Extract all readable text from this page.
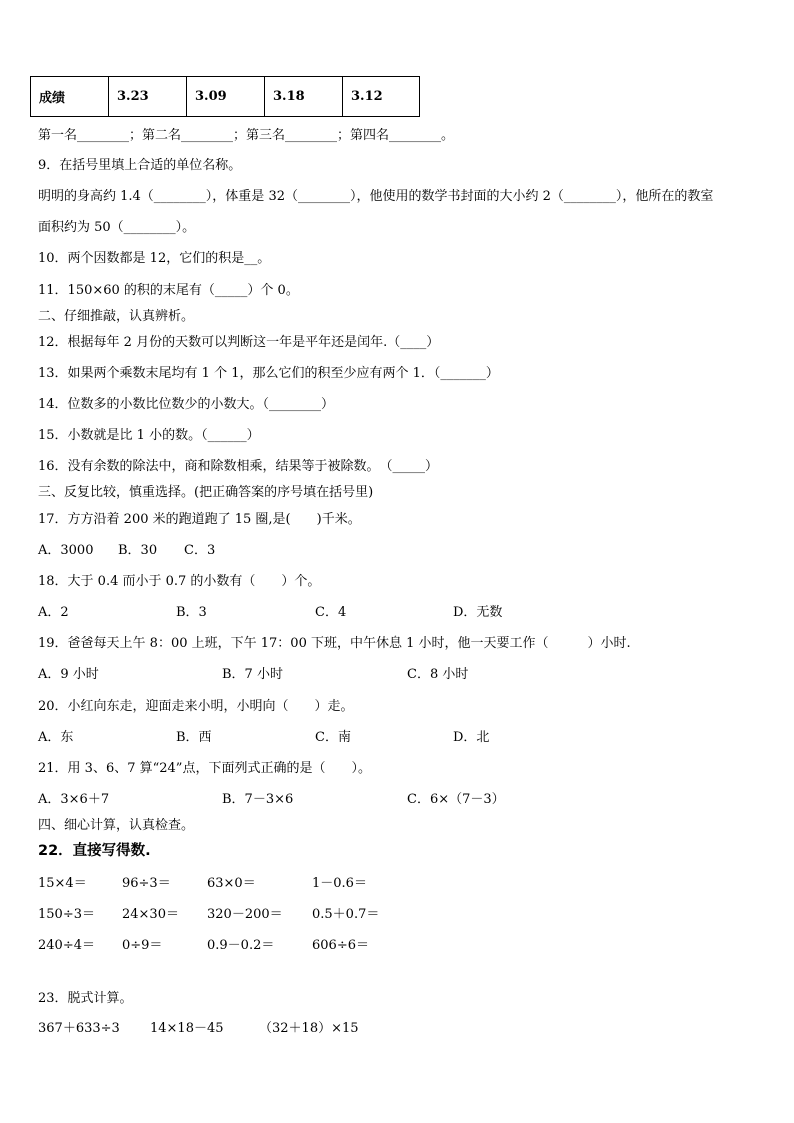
成绩	3.23	3.09	3.18	3.12
第一名________；第二名________；第三名________；第四名________。
9．在括号里填上合适的单位名称。
明明的身高约 1.4（________），体重是 32（________），他使用的数学书封面的大小约 2（________），他所在的教室
面积约为 50（________）。
10．两个因数都是 12，它们的积是__。
11．150×60 的积的末尾有（_____）个 0。
二、仔细推敲，认真辨析。
12．根据每年 2 月份的天数可以判断这一年是平年还是闰年.（____）
13．如果两个乘数末尾均有 1 个 1，那么它们的积至少应有两个 1．（_______）
14．位数多的小数比位数少的小数大。（________）
15．小数就是比 1 小的数。（______）
16．没有余数的除法中，商和除数相乘，结果等于被除数。　（_____）
三、反复比较，慎重选择。(把正确答案的序号填在括号里)
17．方方沿着 200 米的跑道跑了 15 圈,是(　　)千米。
A．3000 B．30 C．3
18．大于 0.4 而小于 0.7 的小数有（　　）个。
A．2	B．3	C．4	D．无数
19．爸爸每天上午 8：00 上班，下午 17：00 下班，中午休息 1 小时，他一天要工作（　　　）小时.
A．9 小时	B．7 小时	C．8 小时
20．小红向东走，迎面走来小明，小明向（　　）走。
A．东	B．西	C．南	D．北
21．用 3、6、7 算“24”点，下面列式正确的是（　　）。
A．3×6＋7	B．7－3×6	C．6×（7－3）
四、细心计算，认真检查。
22．直接写得数.
15×4＝	96÷3＝	63×0＝	1－0.6＝
150÷3＝ 24×30＝ 320－200＝ 0.5＋0.7＝
240÷4＝ 0÷9＝	0.9－0.2＝	606÷6＝
23．脱式计算。
367＋633÷3 14×18－45	（32＋18）×15
